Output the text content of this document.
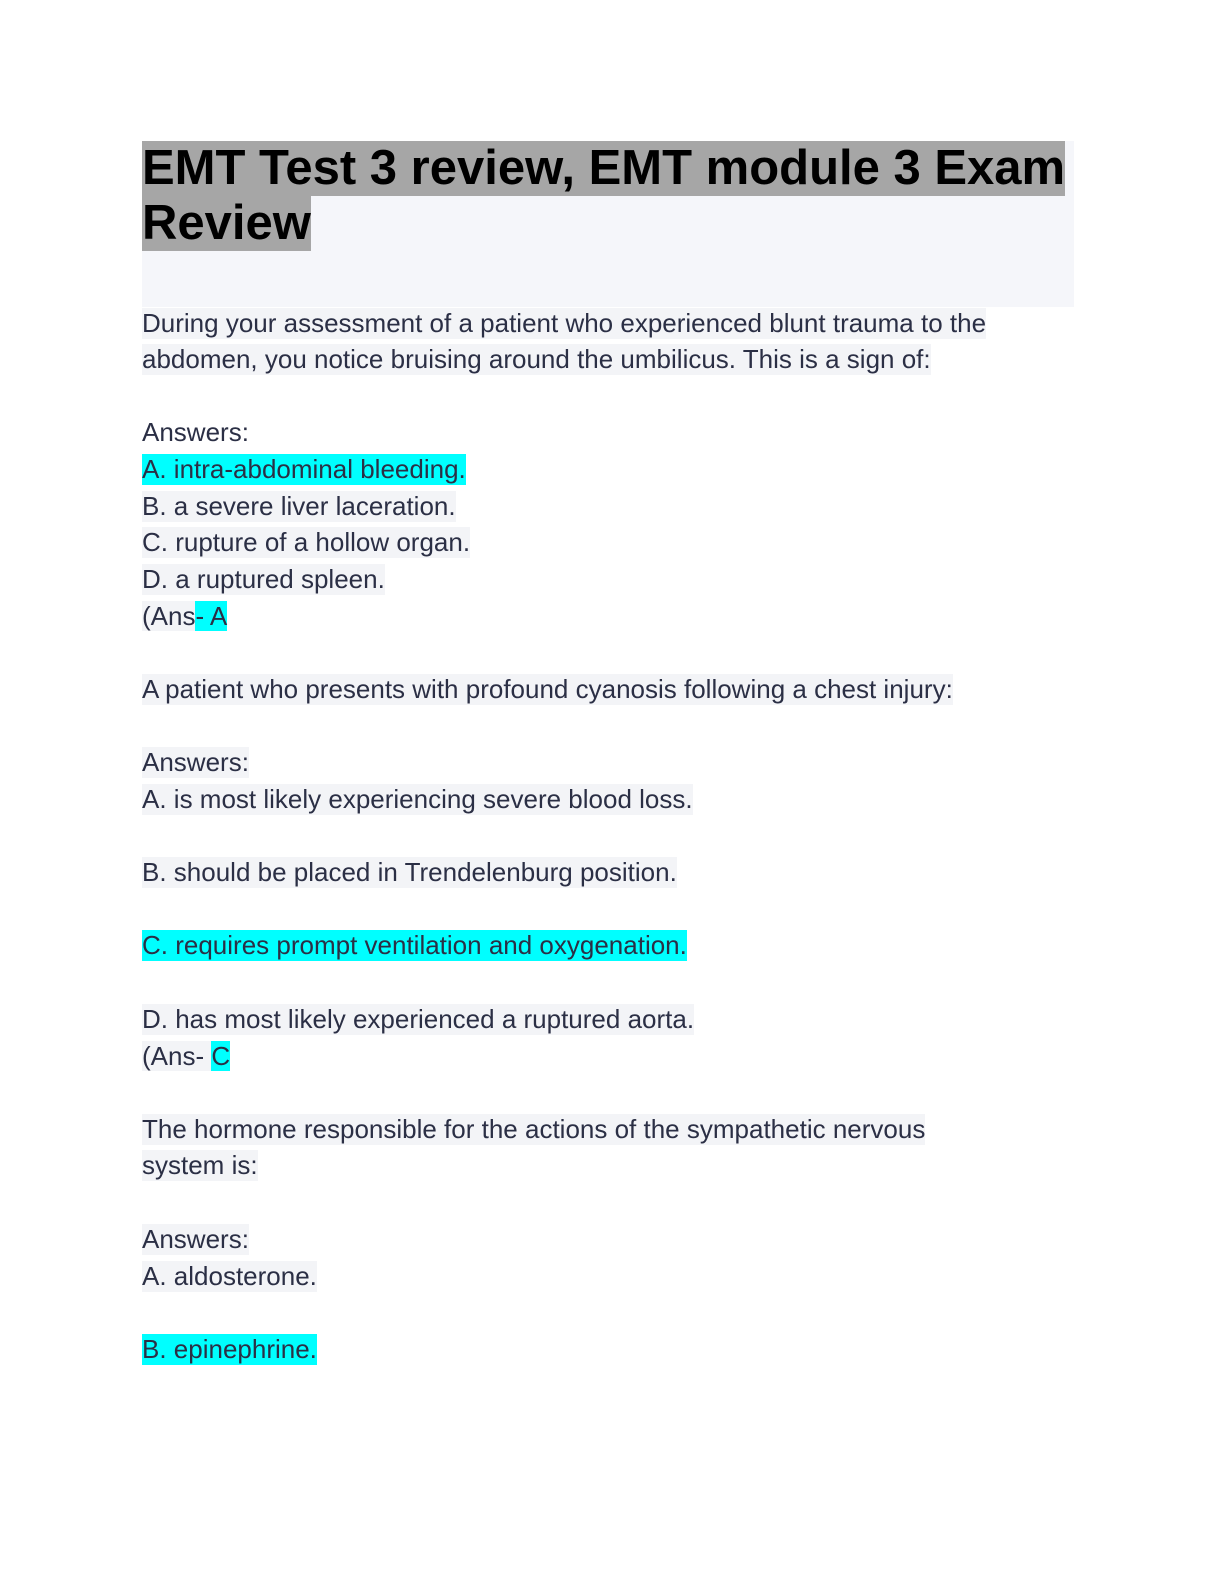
EMT Test 3 review, EMT module 3 Exam
Review
During your assessment of a patient who experienced blunt trauma to the
abdomen, you notice bruising around the umbilicus. This is a sign of:
Answers:
A. intra-abdominal bleeding.
B. a severe liver laceration.
C. rupture of a hollow organ.
D. a ruptured spleen.
(Ans- A
A patient who presents with profound cyanosis following a chest injury:
Answers:
A. is most likely experiencing severe blood loss.
B. should be placed in Trendelenburg position.
C. requires prompt ventilation and oxygenation.
D. has most likely experienced a ruptured aorta.
(Ans- C
The hormone responsible for the actions of the sympathetic nervous
system is:
Answers:
A. aldosterone.
B. epinephrine.
